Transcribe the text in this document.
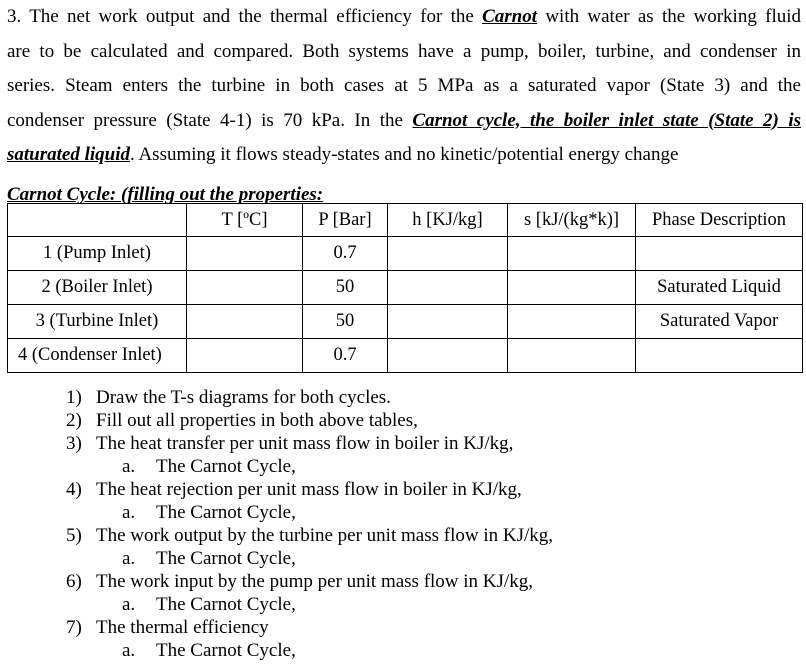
3. The net work output and the thermal efficiency for the Carnot with water as the working fluid
are to be calculated and compared. Both systems have a pump, boiler, turbine, and condenser in
series. Steam enters the turbine in both cases at 5 MPa as a saturated vapor (State 3) and the
condenser pressure (State 4-1) is 70 kPa. In the Carnot cycle, the boiler inlet state (State 2) is
saturated liquid. Assuming it flows steady-states and no kinetic/potential energy change
Carnot Cycle: (filling out the properties:
	T [ºC]	P [Bar]	h [KJ/kg]	s [kJ/(kg*k)]	Phase Description
1 (Pump Inlet)		0.7			
2 (Boiler Inlet)		50			Saturated Liquid
3 (Turbine Inlet)		50			Saturated Vapor
4 (Condenser Inlet)		0.7			
1) Draw the T-s diagrams for both cycles.
2) Fill out all properties in both above tables,
3) The heat transfer per unit mass flow in boiler in KJ/kg,
a. The Carnot Cycle,
4) The heat rejection per unit mass flow in boiler in KJ/kg,
a. The Carnot Cycle,
5) The work output by the turbine per unit mass flow in KJ/kg,
a. The Carnot Cycle,
6) The work input by the pump per unit mass flow in KJ/kg,
a. The Carnot Cycle,
7) The thermal efficiency
a. The Carnot Cycle,
